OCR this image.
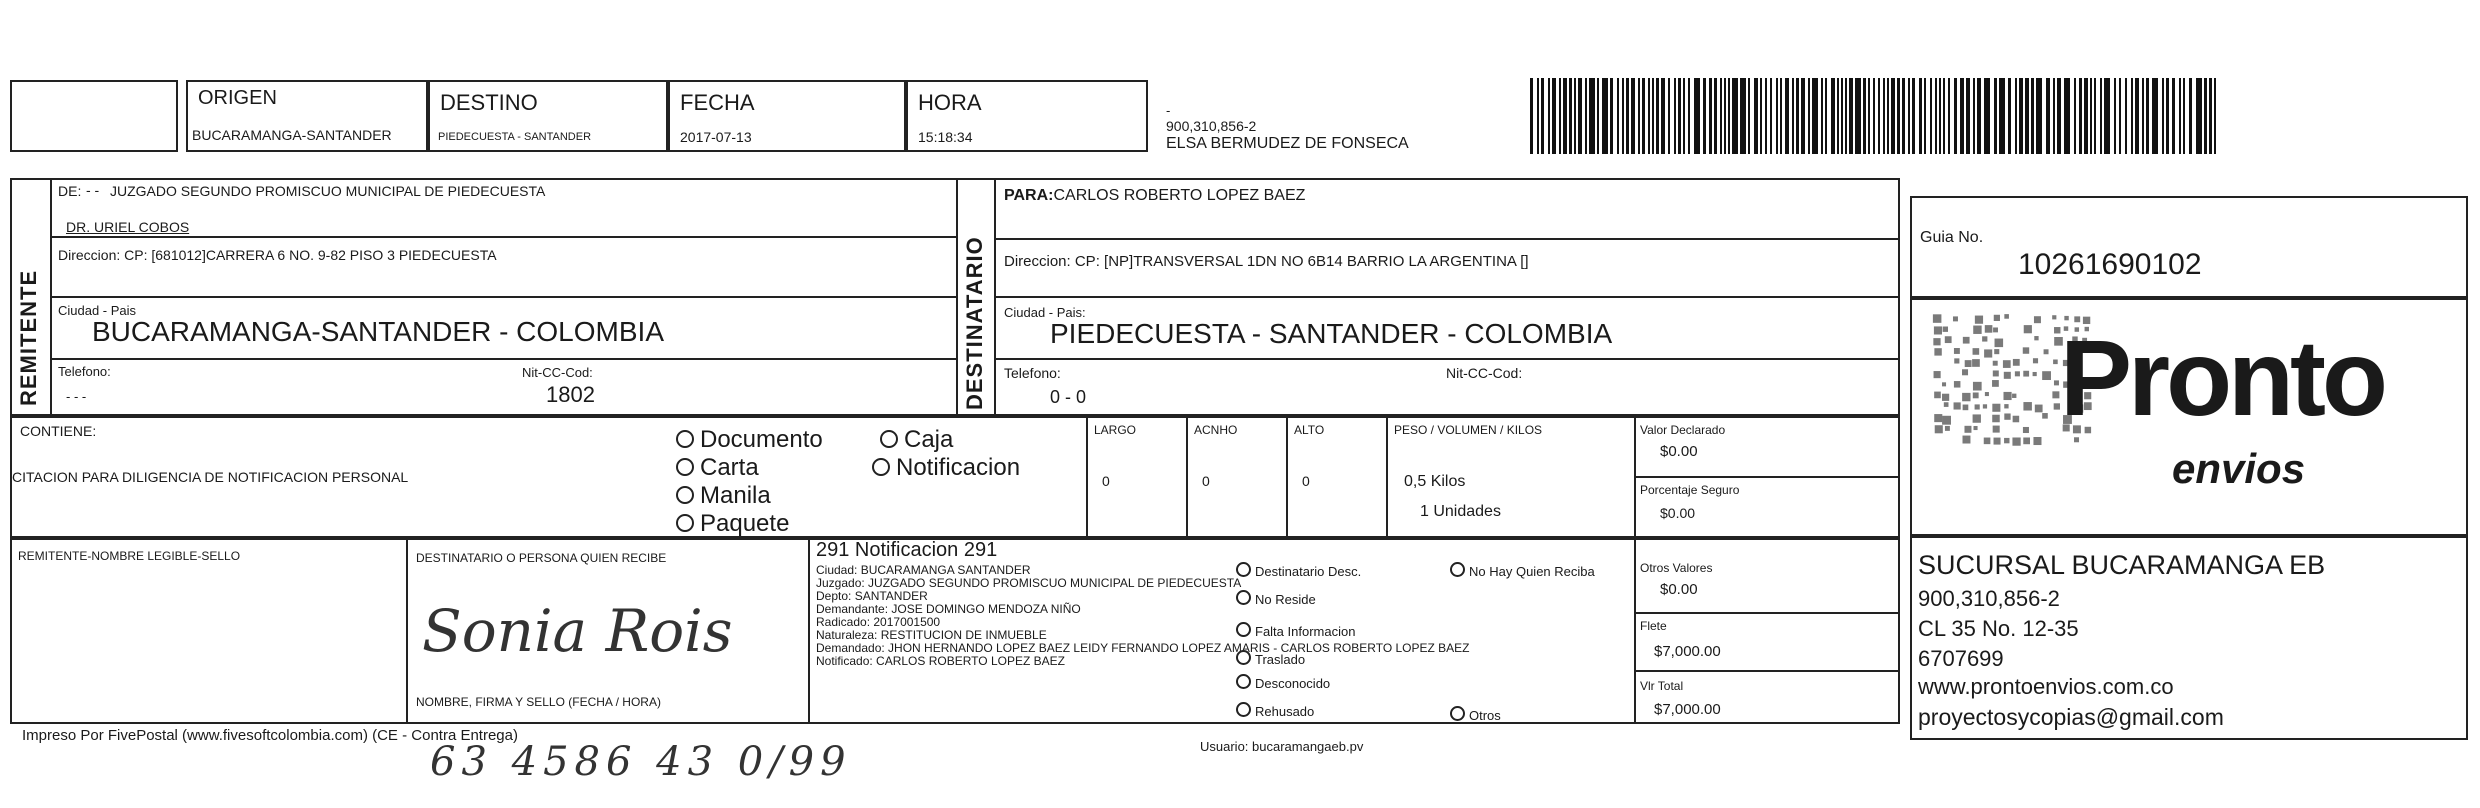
ORIGEN
BUCARAMANGA-SANTANDER
DESTINO
PIEDECUESTA - SANTANDER
FECHA
2017-07-13
HORA
15:18:34
-
900,310,856-2
ELSA BERMUDEZ DE FONSECA
REMITENTE
DE: - - JUZGADO SEGUNDO PROMISCUO MUNICIPAL DE PIEDECUESTA
DR. URIEL COBOS
Direccion: CP: [681012]CARRERA 6 NO. 9-82 PISO 3 PIEDECUESTA
Ciudad - Pais
BUCARAMANGA-SANTANDER - COLOMBIA
Telefono:
- - -
Nit-CC-Cod:
1802	DESTINATARIO
PARA:CARLOS ROBERTO LOPEZ BAEZ
Direccion: CP: [NP]TRANSVERSAL 1DN NO 6B14 BARRIO LA ARGENTINA []
Ciudad - Pais:
PIEDECUESTA - SANTANDER - COLOMBIA
Telefono:
0 - 0
Nit-CC-Cod:
Guia No.
10261690102
Pronto
envios
SUCURSAL BUCARAMANGA EB
900,310,856-2
CL 35 No. 12-35
6707699
www.prontoenvios.com.co
proyectosycopias@gmail.com
CONTIENE:
CITACION PARA DILIGENCIA DE NOTIFICACION PERSONAL
Documento	Caja
Carta	Notificacion
Manila
Paquete
LARGO
0
ACNHO
0
ALTO
0
PESO / VOLUMEN / KILOS
0,5 Kilos
1 Unidades
Valor Declarado
$0.00
Porcentaje Seguro
$0.00
REMITENTE-NOMBRE LEGIBLE-SELLO	DESTINATARIO O PERSONA QUIEN RECIBE
Sonia Rois
NOMBRE, FIRMA Y SELLO (FECHA / HORA)
291 Notificacion 291
Ciudad: BUCARAMANGA SANTANDER
Juzgado: JUZGADO SEGUNDO PROMISCUO MUNICIPAL DE PIEDECUESTA
Depto: SANTANDER
Demandante: JOSE DOMINGO MENDOZA NIÑO
Radicado: 2017001500
Naturaleza: RESTITUCION DE INMUEBLE
Demandado: JHON HERNANDO LOPEZ BAEZ LEIDY FERNANDO LOPEZ AMARIS - CARLOS ROBERTO LOPEZ BAEZ
Notificado: CARLOS ROBERTO LOPEZ BAEZ
Destinatario Desc.	No Hay Quien Reciba
No Reside
Falta Informacion
Traslado
Desconocido
Rehusado	Otros
Otros Valores
$0.00
Flete
$7,000.00
Vlr Total
$7,000.00
Impreso Por FivePostal (www.fivesoftcolombia.com) (CE - Contra Entrega)
Usuario: bucaramangaeb.pv
63 4586 43 0/99
